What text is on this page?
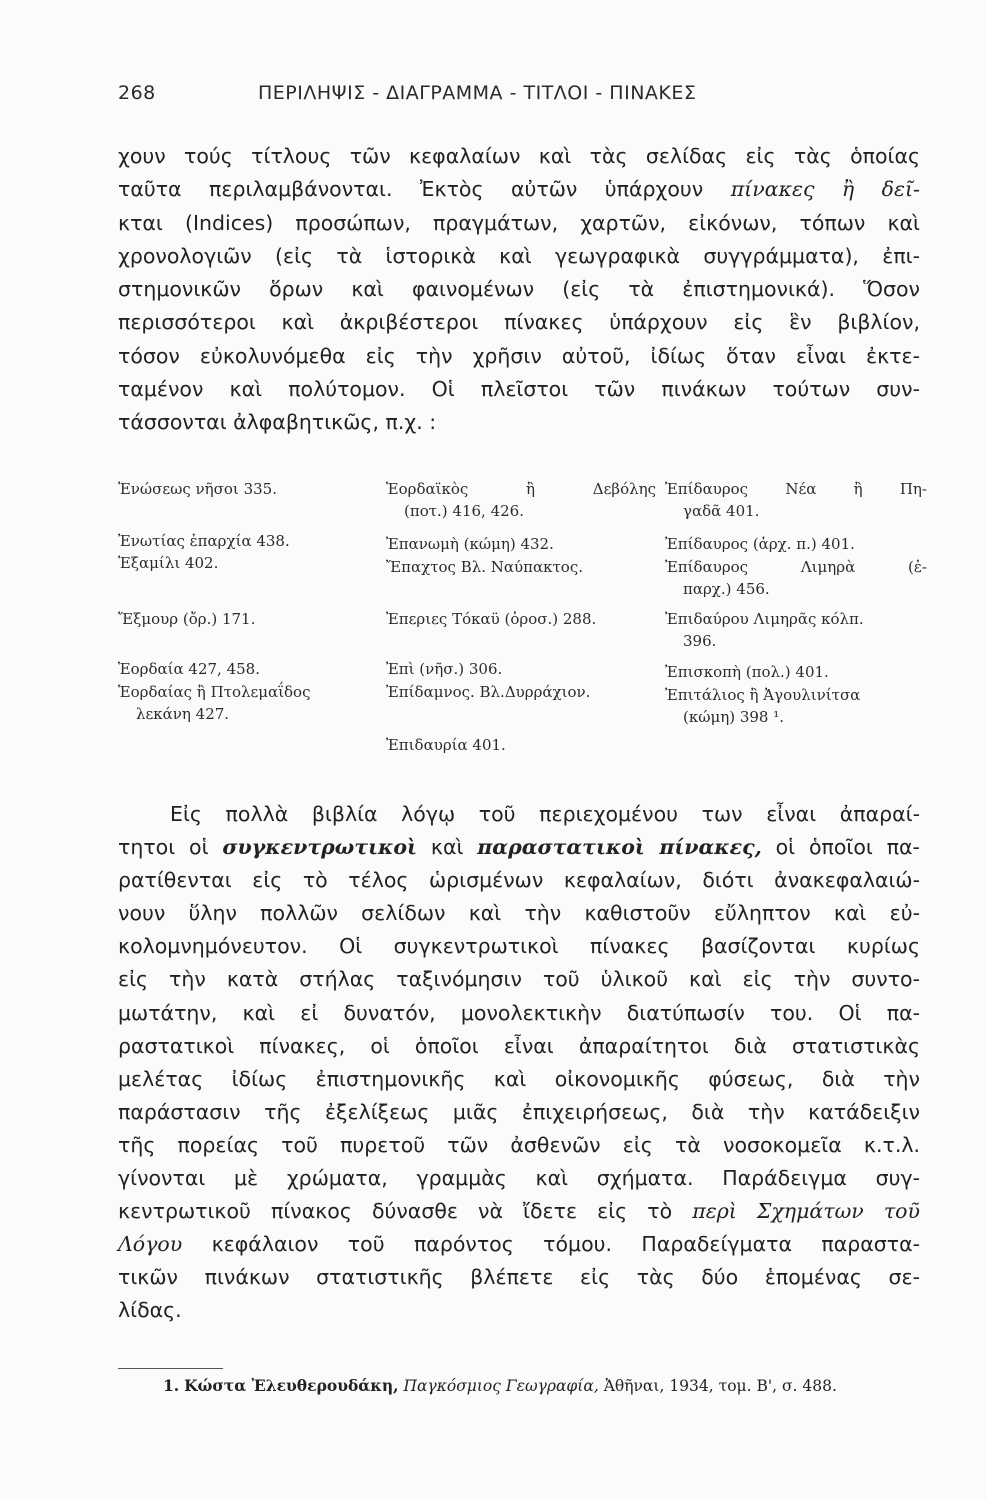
268	ΠΕΡΙΛΗΨΙΣ - ΔΙΑΓΡΑΜΜΑ - ΤΙΤΛΟΙ - ΠΙΝΑΚΕΣ
χουν τούς τίτλους τῶν κεφαλαίων καὶ τὰς σελίδας εἰς τὰς ὁποίας
ταῦτα περιλαμβάνονται. Ἐκτὸς αὐτῶν ὑπάρχουν πίνακες ἢ δεῖ-
κται (Indices) προσώπων, πραγμάτων, χαρτῶν, εἰκόνων, τόπων καὶ
χρονολογιῶν (εἰς τὰ ἱστορικὰ καὶ γεωγραφικὰ συγγράμματα), ἐπι-
στημονικῶν ὅρων καὶ φαινομένων (εἰς τὰ ἐπιστημονικά). Ὅσον
περισσότεροι καὶ ἀκριβέστεροι πίνακες ὑπάρχουν εἰς ἓν βιβλίον,
τόσον εὐκολυνόμεθα εἰς τὴν χρῆσιν αὐτοῦ, ἰδίως ὅταν εἶναι ἐκτε-
ταμένον καὶ πολύτομον. Οἱ πλεῖστοι τῶν πινάκων τούτων συν-
τάσσονται ἀλφαβητικῶς, π.χ. :
Ἐνώσεως νῆσοι 335.
Ἐνωτίας ἐπαρχία 438.
Ἐξαμίλι 402.
Ἔξμουρ (ὄρ.) 171.
Ἑορδαία 427, 458.
Ἑορδαίας ἢ Πτολεμαΐδος
λεκάνη 427.
Ἑορδαϊκὸς ἢ Δεβόλης
(ποτ.) 416, 426.
Ἐπανωμὴ (κώμη) 432.
Ἔπαχτος Βλ. Ναύπακτος.
Ἐπεριες Τόκαϋ (ὀροσ.) 288.
Ἐπὶ (νῆσ.) 306.
Ἐπίδαμνος. Βλ.Δυρράχιον.
Ἐπιδαυρία 401.
Ἐπίδαυρος Νέα ἢ Πη-
γαδᾶ 401.
Ἐπίδαυρος (ἀρχ. π.) 401.
Ἐπίδαυρος Λιμηρὰ (ἐ-
παρχ.) 456.
Ἐπιδαύρου Λιμηρᾶς κόλπ.
396.
Ἐπισκοπὴ (πολ.) 401.
Ἐπιτάλιος ἢ Ἀγουλινίτσα
(κώμη) 398 ¹.
Εἰς πολλὰ βιβλία λόγῳ τοῦ περιεχομένου των εἶναι ἀπαραί-
τητοι οἱ συγκεντρωτικοὶ καὶ παραστατικοὶ πίνακες, οἱ ὁποῖοι πα-
ρατίθενται εἰς τὸ τέλος ὡρισμένων κεφαλαίων, διότι ἀνακεφαλαιώ-
νουν ὕλην πολλῶν σελίδων καὶ τὴν καθιστοῦν εὔληπτον καὶ εὐ-
κολομνημόνευτον. Οἱ συγκεντρωτικοὶ πίνακες βασίζονται κυρίως
εἰς τὴν κατὰ στήλας ταξινόμησιν τοῦ ὑλικοῦ καὶ εἰς τὴν συντο-
μωτάτην, καὶ εἰ δυνατόν, μονολεκτικὴν διατύπωσίν του. Οἱ πα-
ραστατικοὶ πίνακες, οἱ ὁποῖοι εἶναι ἀπαραίτητοι διὰ στατιστικὰς
μελέτας ἰδίως ἐπιστημονικῆς καὶ οἰκονομικῆς φύσεως, διὰ τὴν
παράστασιν τῆς ἐξελίξεως μιᾶς ἐπιχειρήσεως, διὰ τὴν κατάδειξιν
τῆς πορείας τοῦ πυρετοῦ τῶν ἀσθενῶν εἰς τὰ νοσοκομεῖα κ.τ.λ.
γίνονται μὲ χρώματα, γραμμὰς καὶ σχήματα. Παράδειγμα συγ-
κεντρωτικοῦ πίνακος δύνασθε νὰ ἴδετε εἰς τὸ περὶ Σχημάτων τοῦ
Λόγου κεφάλαιον τοῦ παρόντος τόμου. Παραδείγματα παραστα-
τικῶν πινάκων στατιστικῆς βλέπετε εἰς τὰς δύο ἑπομένας σε-
λίδας.
1. Κώστα Ἐλευθερουδάκη, Παγκόσμιος Γεωγραφία, Ἀθῆναι, 1934, τομ. Β', σ. 488.
